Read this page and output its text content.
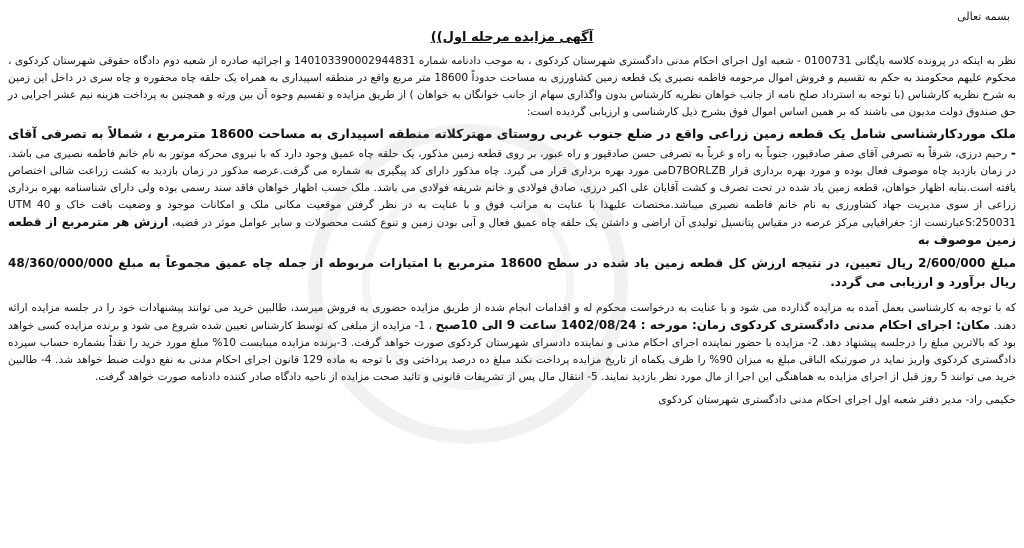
بسمه تعالی
آگهی مزایده مرحله اول))

نظر به اینکه در پرونده کلاسه بایگانی 0100731 - شعبه اول اجرای احکام مدنی دادگستری شهرستان کردکوی ، به موجب دادنامه شماره 140103390002944831 و اجرائیه صادره از شعبه دوم دادگاه حقوقی شهرستان کردکوی ، محکوم علیهم محکومند به حکم به تقسیم و فروش اموال مرحومه فاطمه نصیری یک قطعه زمین کشاورزی به مساحت حدوداً 18600 متر مربع واقع در منطقه اسپیداری به همراه یک حلقه چاه محفوره و چاه سری در داخل این زمین به شرح نظریه کارشناس (با توجه به استرداد صلح نامه از جانب خواهان نظریه کارشناس بدون واگذاری سهام از جانب خوانگان به خواهان ) از طریق مزایده و تقسیم وجوه آن بین ورثه و همچنین به پرداخت هزینه نیم عشر اجرایی در حق صندوق دولت مدیون می باشند که بر همین اساس اموال فوق بشرح ذیل کارشناسی و ارزیابی گردیده است:

ملک موردکارشناسی شامل یک قطعه زمین زراعی واقع در ضلع جنوب غربی روستای مهترکلاته منطقه اسپیداری به مساحت 18600 مترمربع ، شمالاً به تصرفی آقای - رحیم درزی، شرقاً به تصرفی آقای صفر صادقپور، جنوباً به راه و غرباً به تصرفی حسن صادقپور و راه عبور، بر روی قطعه زمین مذکور، یک حلقه چاه عمیق وجود دارد که با نیروی محرکه موتور به نام خانم فاطمه نصیری می باشد. در زمان بازدید چاه موصوف فعال بوده و مورد بهره برداری قرار D7BORLZBمی مورد بهره برداری قرار می گیرد. چاه مذکور دارای کد پیگیری به شماره می گرفت.عرصه مذکور در زمان بازدید به کشت زراعت شالی اختصاص یافته است.بنابه اظهار خواهان، قطعه زمین یاد شده در تحت تصرف و کشت آقایان علی اکبر درزی، صادق فولادی و خانم شریفه فولادی می باشد. ملک حسب اظهار خواهان فاقد سند رسمی بوده ولی دارای شناسنامه بهره برداری زراعی از سوی مدیریت جهاد کشاورزی به نام خانم فاطمه نصیری میباشد.مختصات علیهذا با عنایت به مراتب فوق و با عنایت به در نظر گرفتن موقعیت مکانی ملک و امکانات موجود و وضعیت بافت خاک و UTM 40 S:250031عبارتست از: جغرافیایی مرکز عرصه در مقیاس پتانسیل تولیدی آن اراضی و داشتن یک حلقه چاه عمیق فعال و آبی بودن زمین و تنوع کشت محصولات و سایر عوامل موثر در قضیه، ارزش هر مترمربع از قطعه زمین موصوف به

مبلغ 2/600/000 ریال تعیین، در نتیجه ارزش کل قطعه زمین یاد شده در سطح 18600 مترمربع با امتیازات مربوطه از جمله چاه عمیق مجموعاً به مبلغ 48/360/000/000 ریال برآورد و ارزیابی می گردد.

که با توجه به کارشناسی بعمل آمده به مزایده گذارده می شود و با عنایت به درخواست محکوم له و اقدامات انجام شده از طریق مزایده حضوری به فروش میرسد، طالبین خرید می توانند پیشنهادات خود را در جلسه مزایده ارائه دهند. مکان: اجرای احکام مدنی دادگستری کردکوی زمان: مورخه : 1402/08/24 ساعت 9 الی 10صبح ، 1- مزایده از مبلغی که توسط کارشناس تعیین شده شروع می شود و برنده مزایده کسی خواهد بود که بالاترین مبلغ را درجلسه پیشنهاد دهد. 2- مزایده با حضور نماینده اجرای احکام مدنی و نماینده دادسرای شهرستان کردکوی صورت خواهد گرفت. 3-برنده مزایده میبایست 10% مبلغ مورد خرید را نقداً بشماره حساب سپرده دادگستری کردکوی واریز نماید در صورتیکه الباقی مبلغ به میزان 90% را ظرف یکماه از تاریخ مزایده پرداخت نکند مبلغ ده درصد پرداختی وی با توجه به ماده 129 قانون اجرای احکام مدنی به نفع دولت ضبط خواهد شد. 4- طالبین خرید می توانند 5 روز قبل از اجرای مزایده به هماهنگی این اجرا از مال مورد نظر بازدید نمایند. 5- انتقال مال پس از تشریفات قانونی و تائید صحت مزایده از ناحیه دادگاه صادر کننده دادنامه صورت خواهد گرفت.

حکیمی راد- مدیر دفتر شعبه اول اجرای احکام مدنی دادگستری شهرستان کردکوی
